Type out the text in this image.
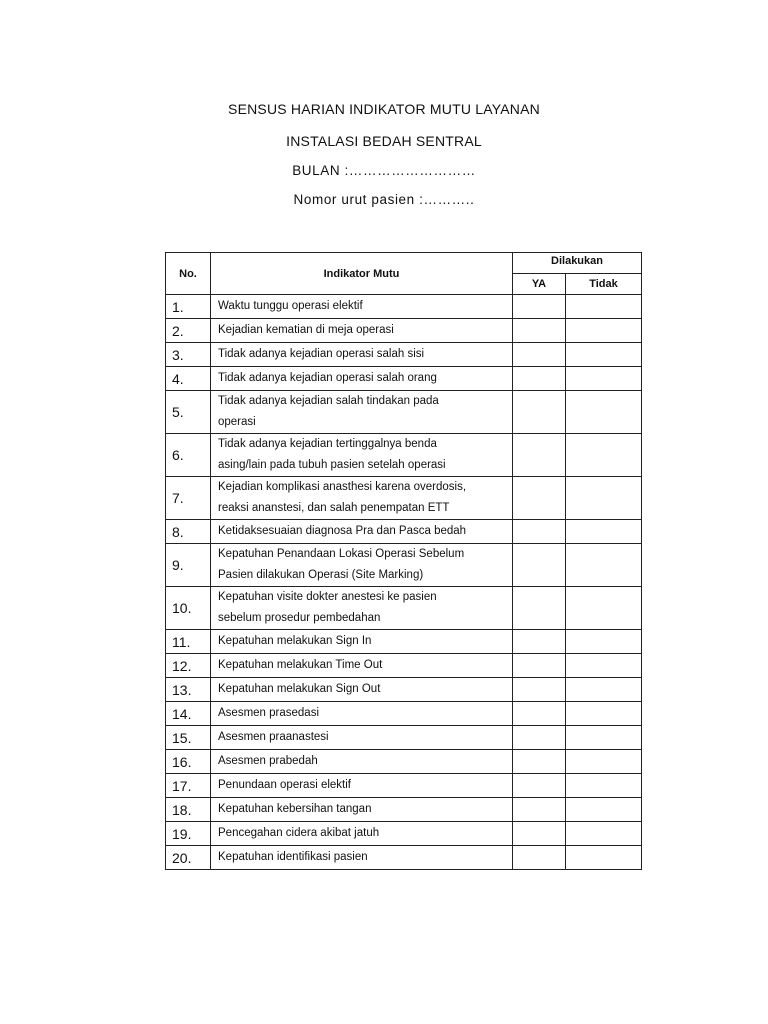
SENSUS HARIAN INDIKATOR MUTU LAYANAN
INSTALASI BEDAH SENTRAL
BULAN :………………………
Nomor urut pasien :………..
No.	Indikator Mutu	Dilakukan	
		YA	Tidak
1.	Waktu tunggu operasi elektif		
2.	Kejadian kematian di meja operasi		
3.	Tidak adanya kejadian operasi salah sisi		
4.	Tidak adanya kejadian operasi salah orang		
5.	Tidak adanya kejadian salah tindakan pada
operasi		

6.	Tidak adanya kejadian tertinggalnya benda
asing/lain pada tubuh pasien setelah operasi		

7.	Kejadian komplikasi anasthesi karena overdosis,
reaksi ananstesi, dan salah penempatan ETT		

8.	Ketidaksesuaian diagnosa Pra dan Pasca bedah		
9.	Kepatuhan Penandaan Lokasi Operasi Sebelum
Pasien dilakukan Operasi (Site Marking)		

10.	Kepatuhan visite dokter anestesi ke pasien
sebelum prosedur pembedahan		

11.	Kepatuhan melakukan Sign In		
12.	Kepatuhan melakukan Time Out		
13.	Kepatuhan melakukan Sign Out		
14.	Asesmen prasedasi		
15.	Asesmen praanastesi		
16.	Asesmen prabedah		
17.	Penundaan operasi elektif		
18.	Kepatuhan kebersihan tangan		
19.	Pencegahan cidera akibat jatuh		
20.	Kepatuhan identifikasi pasien		
